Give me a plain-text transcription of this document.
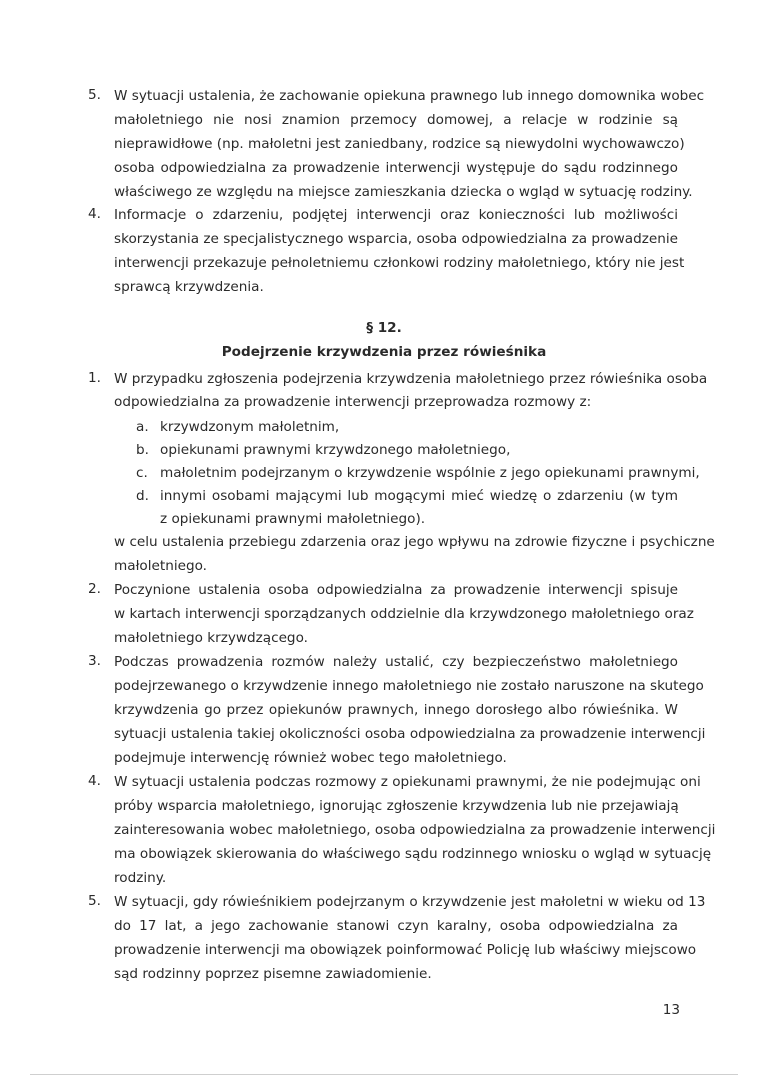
5. W sytuacji ustalenia, że zachowanie opiekuna prawnego lub innego domownika wobec
małoletniego nie nosi znamion przemocy domowej, a relacje w rodzinie są
nieprawidłowe (np. małoletni jest zaniedbany, rodzice są niewydolni wychowawczo)
osoba odpowiedzialna za prowadzenie interwencji występuje do sądu rodzinnego
właściwego ze względu na miejsce zamieszkania dziecka o wgląd w sytuację rodziny.
4. Informacje o zdarzeniu, podjętej interwencji oraz konieczności lub możliwości
skorzystania ze specjalistycznego wsparcia, osoba odpowiedzialna za prowadzenie
interwencji przekazuje pełnoletniemu członkowi rodziny małoletniego, który nie jest
sprawcą krzywdzenia.
§ 12.
Podejrzenie krzywdzenia przez rówieśnika
1. W przypadku zgłoszenia podejrzenia krzywdzenia małoletniego przez rówieśnika osoba
odpowiedzialna za prowadzenie interwencji przeprowadza rozmowy z:
a. krzywdzonym małoletnim,
b. opiekunami prawnymi krzywdzonego małoletniego,
c. małoletnim podejrzanym o krzywdzenie wspólnie z jego opiekunami prawnymi,
d. innymi osobami mającymi lub mogącymi mieć wiedzę o zdarzeniu (w tym
z opiekunami prawnymi małoletniego).
w celu ustalenia przebiegu zdarzenia oraz jego wpływu na zdrowie fizyczne i psychiczne
małoletniego.
2. Poczynione ustalenia osoba odpowiedzialna za prowadzenie interwencji spisuje
w kartach interwencji sporządzanych oddzielnie dla krzywdzonego małoletniego oraz
małoletniego krzywdzącego.
3. Podczas prowadzenia rozmów należy ustalić, czy bezpieczeństwo małoletniego
podejrzewanego o krzywdzenie innego małoletniego nie zostało naruszone na skutego
krzywdzenia go przez opiekunów prawnych, innego dorosłego albo rówieśnika. W
sytuacji ustalenia takiej okoliczności osoba odpowiedzialna za prowadzenie interwencji
podejmuje interwencję również wobec tego małoletniego.
4. W sytuacji ustalenia podczas rozmowy z opiekunami prawnymi, że nie podejmując oni
próby wsparcia małoletniego, ignorując zgłoszenie krzywdzenia lub nie przejawiają
zainteresowania wobec małoletniego, osoba odpowiedzialna za prowadzenie interwencji
ma obowiązek skierowania do właściwego sądu rodzinnego wniosku o wgląd w sytuację
rodziny.
5. W sytuacji, gdy rówieśnikiem podejrzanym o krzywdzenie jest małoletni w wieku od 13
do 17 lat, a jego zachowanie stanowi czyn karalny, osoba odpowiedzialna za
prowadzenie interwencji ma obowiązek poinformować Policję lub właściwy miejscowo
sąd rodzinny poprzez pisemne zawiadomienie.
13
